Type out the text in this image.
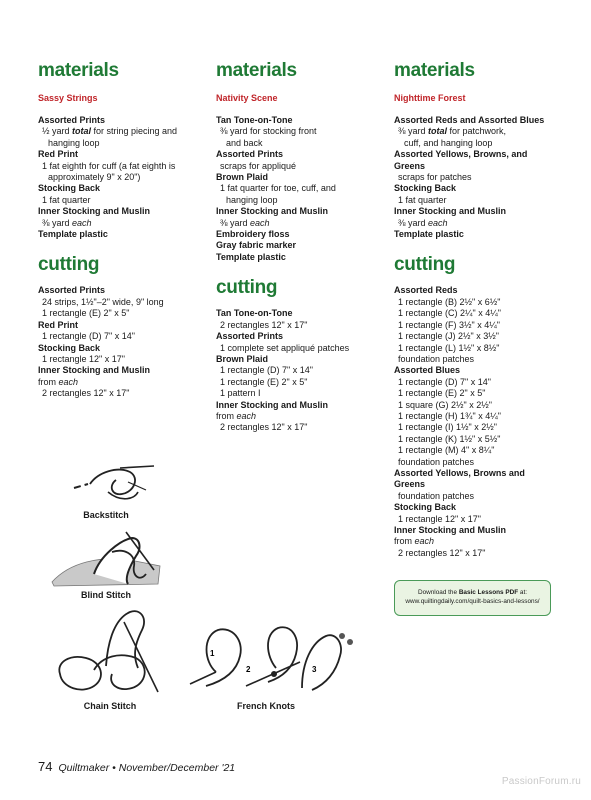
materials
Sassy Strings
Assorted Prints
½ yard total for string piecing and
hanging loop
Red Print
1 fat eighth for cuff (a fat eighth is
approximately 9" x 20")
Stocking Back
1 fat quarter
Inner Stocking and Muslin
⅜ yard each
Template plastic
cutting
Assorted Prints
24 strips, 1½"–2" wide, 9" long
1 rectangle (E) 2" x 5"
Red Print
1 rectangle (D) 7" x 14"
Stocking Back
1 rectangle 12" x 17"
Inner Stocking and Muslin
from each
2 rectangles 12" x 17"
materials
Nativity Scene
Tan Tone-on-Tone
⅜ yard for stocking front
and back
Assorted Prints
scraps for appliqué
Brown Plaid
1 fat quarter for toe, cuff, and
hanging loop
Inner Stocking and Muslin
⅜ yard each
Embroidery floss
Gray fabric marker
Template plastic
cutting
Tan Tone-on-Tone
2 rectangles 12" x 17"
Assorted Prints
1 complete set appliqué patches
Brown Plaid
1 rectangle (D) 7" x 14"
1 rectangle (E) 2" x 5"
1 pattern I
Inner Stocking and Muslin
from each
2 rectangles 12" x 17"
materials
Nighttime Forest
Assorted Reds and Assorted Blues
⅜ yard total for patchwork,
cuff, and hanging loop
Assorted Yellows, Browns, and
Greens
scraps for patches
Stocking Back
1 fat quarter
Inner Stocking and Muslin
⅜ yard each
Template plastic
cutting
Assorted Reds
1 rectangle (B) 2½" x 6½"
1 rectangle (C) 2¼" x 4¼"
1 rectangle (F) 3½" x 4¼"
1 rectangle (J) 2½" x 3½"
1 rectangle (L) 1½" x 8½"
foundation patches
Assorted Blues
1 rectangle (D) 7" x 14"
1 rectangle (E) 2" x 5"
1 square (G) 2½" x 2½"
1 rectangle (H) 1¾" x 4¼"
1 rectangle (I) 1½" x 2½"
1 rectangle (K) 1½" x 5½"
1 rectangle (M) 4" x 8¼"
foundation patches
Assorted Yellows, Browns and
Greens
foundation patches
Stocking Back
1 rectangle 12" x 17"
Inner Stocking and Muslin
from each
2 rectangles 12" x 17"
Download the Basic Lessons PDF at:
www.quiltingdaily.com/quilt-basics-and-lessons/
Backstitch
Blind Stitch
Chain Stitch
1
2	3
French Knots
74 Quiltmaker • November/December '21
PassionForum.ru
